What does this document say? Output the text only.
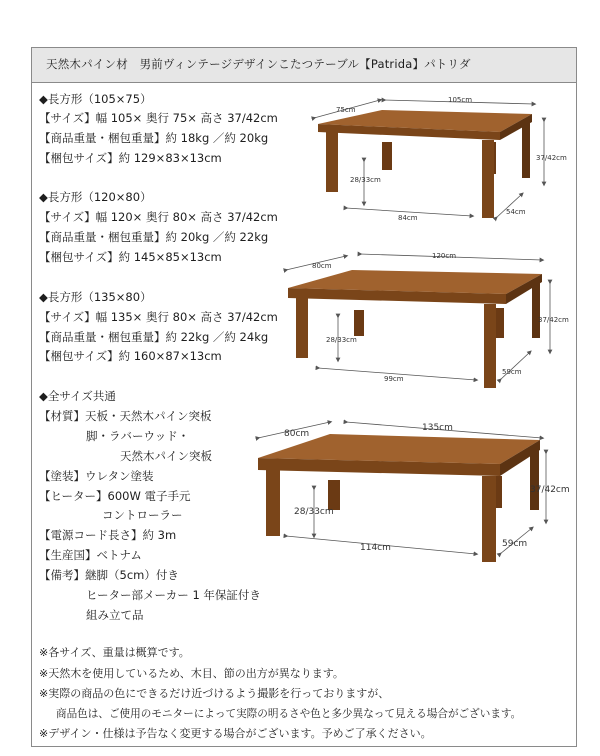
天然木パイン材　男前ヴィンテージデザインこたつテーブル【Patrida】パトリダ
◆長方形（105×75）
【サイズ】幅 105× 奥行 75× 高さ 37/42cm
【商品重量・梱包重量】約 18kg ／約 20kg
【梱包サイズ】約 129×83×13cm
◆長方形（120×80）
【サイズ】幅 120× 奥行 80× 高さ 37/42cm
【商品重量・梱包重量】約 20kg ／約 22kg
【梱包サイズ】約 145×85×13cm
◆長方形（135×80）
【サイズ】幅 135× 奥行 80× 高さ 37/42cm
【商品重量・梱包重量】約 22kg ／約 24kg
【梱包サイズ】約 160×87×13cm
◆全サイズ共通
【材質】天板・天然木パイン突板
脚・ラバーウッド・
天然木パイン突板
【塗装】ウレタン塗装
【ヒーター】600W 電子手元
コントローラー
【電源コード長さ】約 3m
【生産国】ベトナム
【備考】継脚（5cm）付き
ヒーター部メーカー 1 年保証付き
組み立て品
※各サイズ、重量は概算です。
※天然木を使用しているため、木目、節の出方が異なります。
※実際の商品の色にできるだけ近づけるよう撮影を行っておりますが、
商品色は、ご使用のモニターによって実際の明るさや色と多少異なって見える場合がございます。
※デザイン・仕様は予告なく変更する場合がございます。予めご了承ください。
75cm
105cm
37/42cm
28/33cm
84cm
54cm
80cm
120cm
37/42cm
28/33cm
99cm
59cm
80cm
135cm
37/42cm
28/33cm
114cm	59cm
